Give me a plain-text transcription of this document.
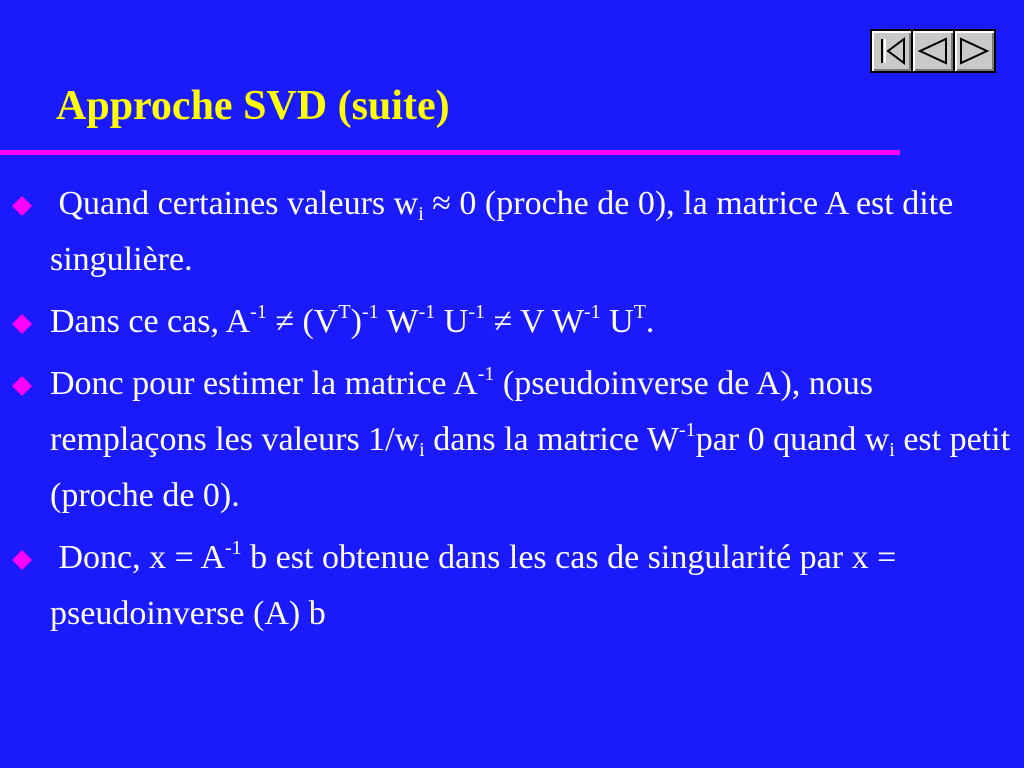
Approche SVD (suite)
Quand certaines valeurs $w_i \approx 0$ (proche de 0), la matrice A est dite singulière.
Dans ce cas, $A^{-1} \ne (V^T)^{-1}$ $W^{-1}$ $U^{-1} \ne V$ $W^{-1}$ $U^T$.
Donc pour estimer la matrice $A^{-1}$ (pseudoinverse de A), nous remplaçons les valeurs $1/w_i$ dans la matrice $W^{-1}par$ 0 quand $w_i$ est petit (proche de 0).
Donc, $x = A^{-1}$ b est obtenue dans les cas de singularité par x = pseudoinverse (A) b
